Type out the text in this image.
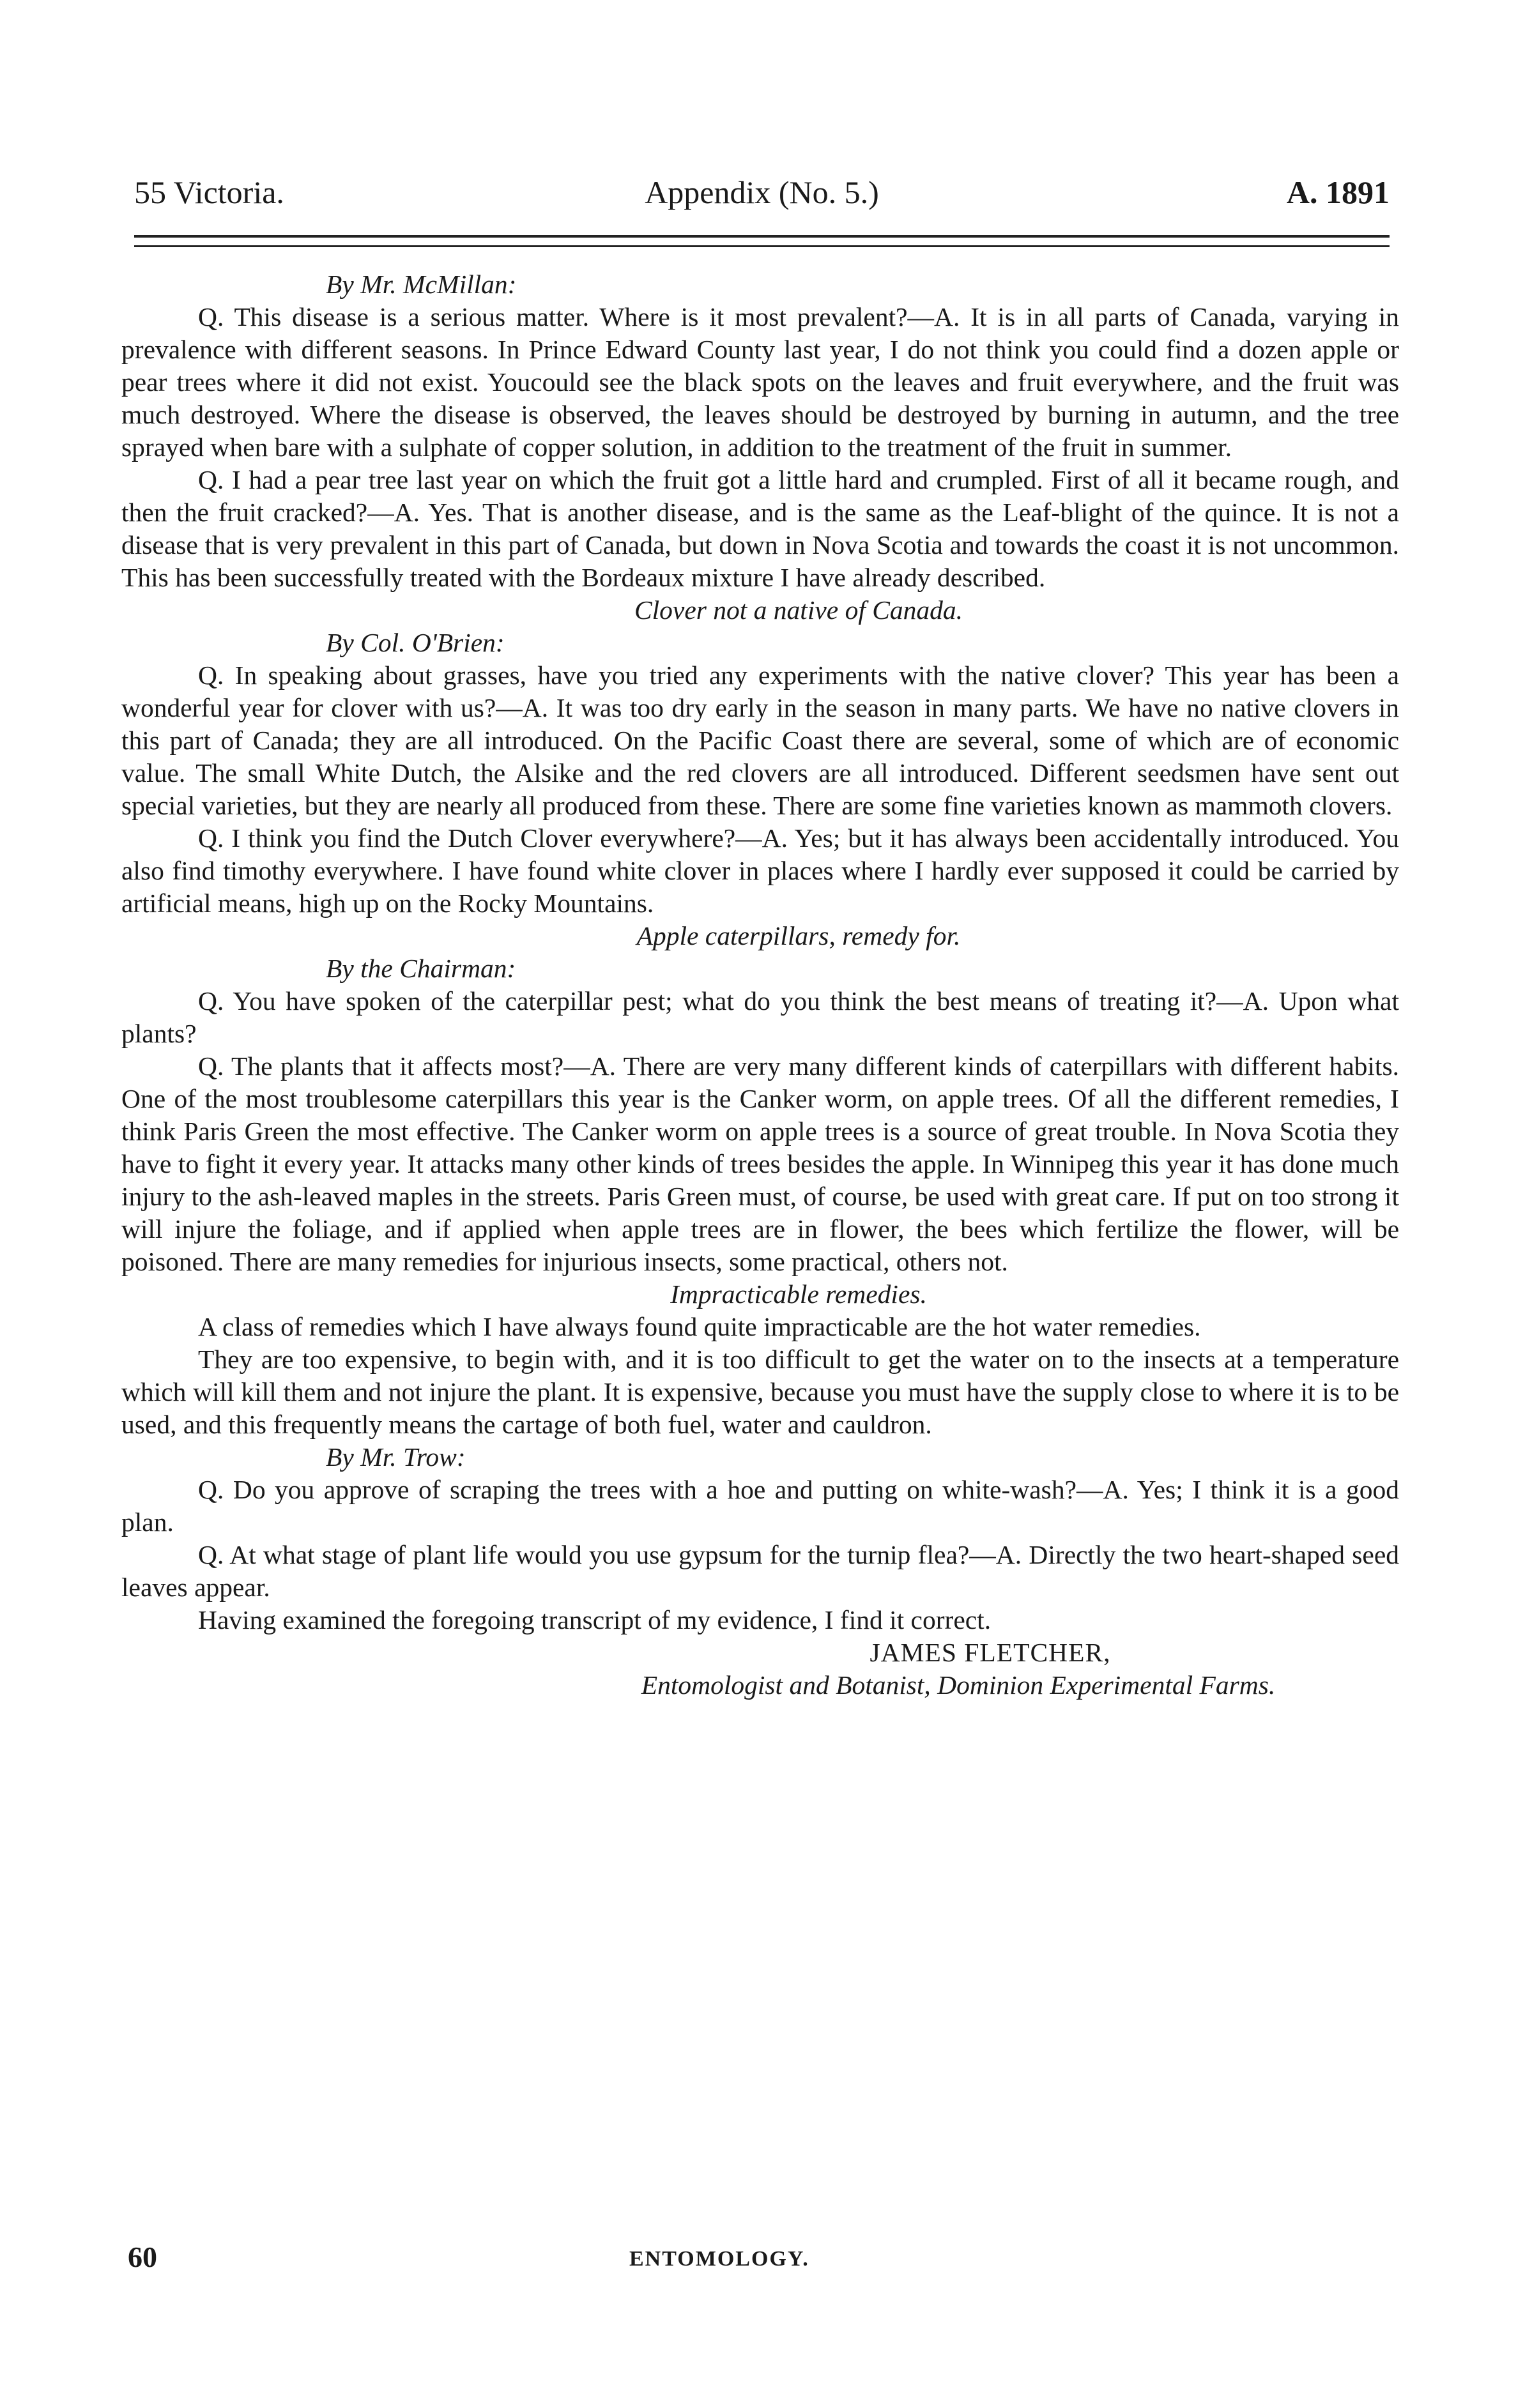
55 Victoria.	Appendix (No. 5.)	A. 1891

By Mr. McMillan:

Q. This disease is a serious matter. Where is it most prevalent?—A. It is in all parts of Canada, varying in prevalence with different seasons. In Prince Edward County last year, I do not think you could find a dozen apple or pear trees where it did not exist. Youcould see the black spots on the leaves and fruit everywhere, and the fruit was much destroyed. Where the disease is observed, the leaves should be destroyed by burning in autumn, and the tree sprayed when bare with a sulphate of copper solution, in addition to the treatment of the fruit in summer.

Q. I had a pear tree last year on which the fruit got a little hard and crumpled. First of all it became rough, and then the fruit cracked?—A. Yes. That is another disease, and is the same as the Leaf-blight of the quince. It is not a disease that is very prevalent in this part of Canada, but down in Nova Scotia and towards the coast it is not uncommon. This has been successfully treated with the Bordeaux mixture I have already described.

Clover not a native of Canada.

By Col. O'Brien:

Q. In speaking about grasses, have you tried any experiments with the native clover? This year has been a wonderful year for clover with us?—A. It was too dry early in the season in many parts. We have no native clovers in this part of Canada; they are all introduced. On the Pacific Coast there are several, some of which are of economic value. The small White Dutch, the Alsike and the red clovers are all introduced. Different seedsmen have sent out special varieties, but they are nearly all produced from these. There are some fine varieties known as mammoth clovers.

Q. I think you find the Dutch Clover everywhere?—A. Yes; but it has always been accidentally introduced. You also find timothy everywhere. I have found white clover in places where I hardly ever supposed it could be carried by artificial means, high up on the Rocky Mountains.

Apple caterpillars, remedy for.

By the Chairman:

Q. You have spoken of the caterpillar pest; what do you think the best means of treating it?—A. Upon what plants?

Q. The plants that it affects most?—A. There are very many different kinds of caterpillars with different habits. One of the most troublesome caterpillars this year is the Canker worm, on apple trees. Of all the different remedies, I think Paris Green the most effective. The Canker worm on apple trees is a source of great trouble. In Nova Scotia they have to fight it every year. It attacks many other kinds of trees besides the apple. In Winnipeg this year it has done much injury to the ash-leaved maples in the streets. Paris Green must, of course, be used with great care. If put on too strong it will injure the foliage, and if applied when apple trees are in flower, the bees which fertilize the flower, will be poisoned. There are many remedies for injurious insects, some practical, others not.

Impracticable remedies.

A class of remedies which I have always found quite impracticable are the hot water remedies.

They are too expensive, to begin with, and it is too difficult to get the water on to the insects at a temperature which will kill them and not injure the plant. It is expensive, because you must have the supply close to where it is to be used, and this frequently means the cartage of both fuel, water and cauldron.

By Mr. Trow:

Q. Do you approve of scraping the trees with a hoe and putting on white-wash?—A. Yes; I think it is a good plan.

Q. At what stage of plant life would you use gypsum for the turnip flea?—A. Directly the two heart-shaped seed leaves appear.

Having examined the foregoing transcript of my evidence, I find it correct.

JAMES FLETCHER,

Entomologist and Botanist, Dominion Experimental Farms.

60	ENTOMOLOGY.
